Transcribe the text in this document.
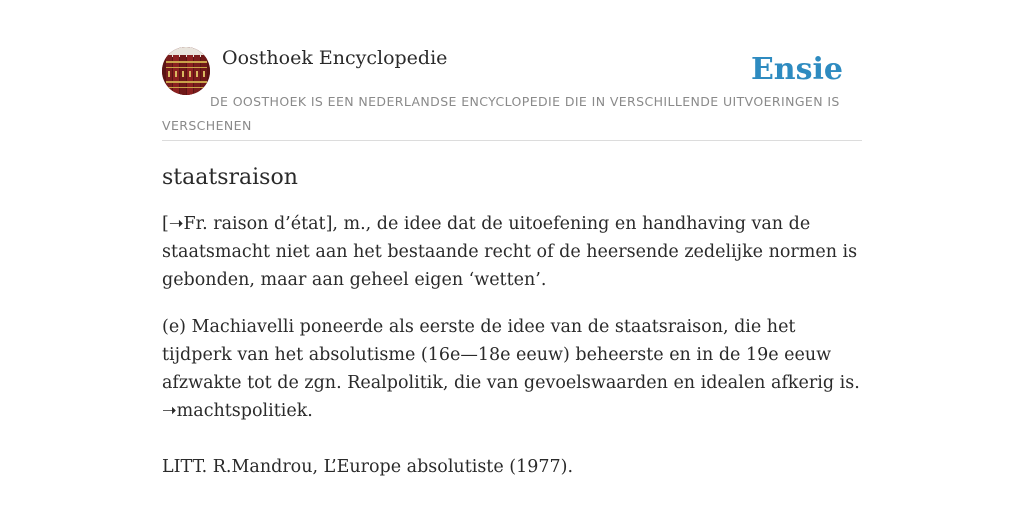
Oosthoek Encyclopedie	Ensie
DE OOSTHOEK IS EEN NEDERLANDSE ENCYCLOPEDIE DIE IN VERSCHILLENDE UITVOERINGEN IS VERSCHENEN
staatsraison

[➝Fr. raison d’état], m., de idee dat de uitoefening en handhaving van de staatsmacht niet aan het bestaande recht of de heersende zedelijke normen is gebonden, maar aan geheel eigen ‘wetten’.

(e) Machiavelli poneerde als eerste de idee van de staatsraison, die het tijdperk van het absolutisme (16e—18e eeuw) beheerste en in de 19e eeuw afzwakte tot de zgn. Realpolitik, die van gevoelswaarden en idealen afkerig is. ➝machtspolitiek.

LITT. R.Mandrou, L’Europe absolutiste (1977).
